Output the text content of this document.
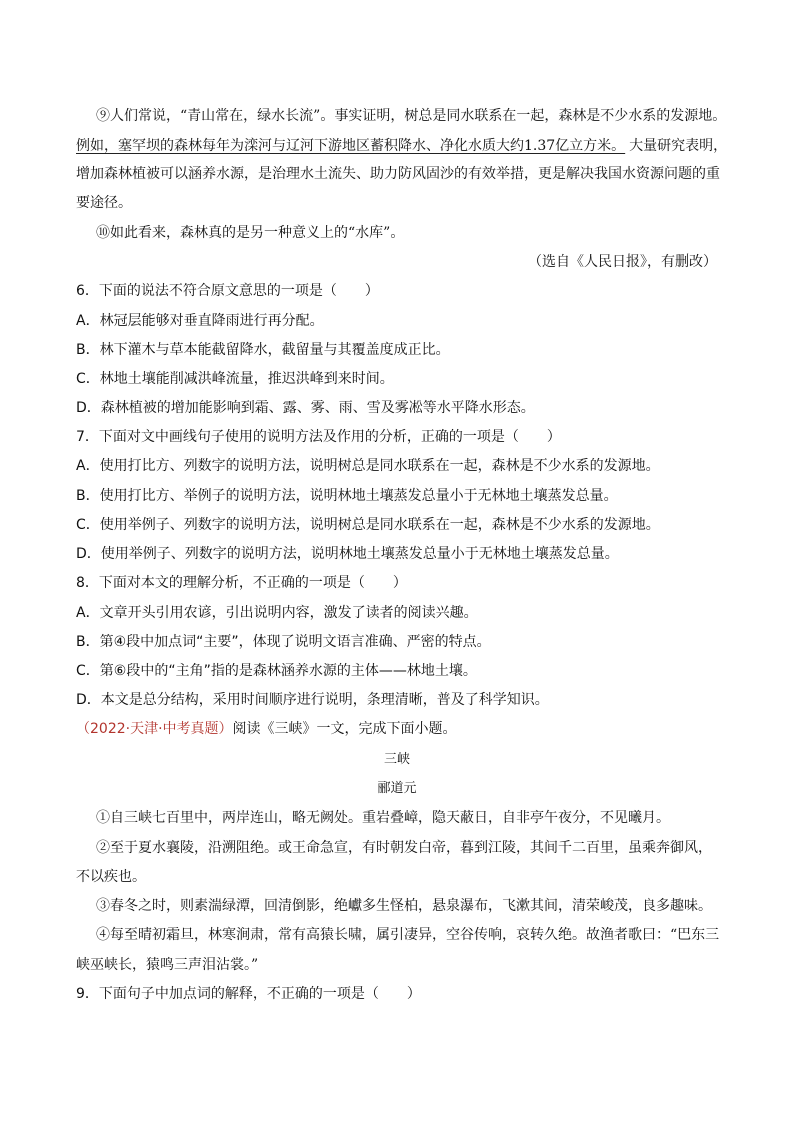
⑨人们常说，“青山常在，绿水长流”。事实证明，树总是同水联系在一起，森林是不少水系的发源地。
例如，塞罕坝的森林每年为滦河与辽河下游地区蓄积降水、净化水质大约1.37亿立方米。 大量研究表明，
增加森林植被可以涵养水源，是治理水土流失、助力防风固沙的有效举措，更是解决我国水资源问题的重
要途径。
⑩如此看来，森林真的是另一种意义上的“水库”。
（选自《人民日报》，有删改）
6．下面的说法不符合原文意思的一项是（　　）
A．林冠层能够对垂直降雨进行再分配。
B．林下灌木与草本能截留降水，截留量与其覆盖度成正比。
C．林地土壤能削减洪峰流量，推迟洪峰到来时间。
D．森林植被的增加能影响到霜、露、雾、雨、雪及雾凇等水平降水形态。
7．下面对文中画线句子使用的说明方法及作用的分析，正确的一项是（　　）
A．使用打比方、列数字的说明方法，说明树总是同水联系在一起，森林是不少水系的发源地。
B．使用打比方、举例子的说明方法，说明林地土壤蒸发总量小于无林地土壤蒸发总量。
C．使用举例子、列数字的说明方法，说明树总是同水联系在一起，森林是不少水系的发源地。
D．使用举例子、列数字的说明方法，说明林地土壤蒸发总量小于无林地土壤蒸发总量。
8．下面对本文的理解分析，不正确的一项是（　　）
A．文章开头引用农谚，引出说明内容，激发了读者的阅读兴趣。
B．第④段中加点词“主要”，体现了说明文语言准确、严密的特点。
C．第⑥段中的“主角”指的是森林涵养水源的主体——林地土壤。
D．本文是总分结构，采用时间顺序进行说明，条理清晰，普及了科学知识。
（2022·天津·中考真题）阅读《三峡》一文，完成下面小题。
三峡
郦道元
①自三峡七百里中，两岸连山，略无阙处。重岩叠嶂，隐天蔽日，自非亭午夜分，不见曦月。
②至于夏水襄陵，沿溯阻绝。或王命急宣，有时朝发白帝，暮到江陵，其间千二百里，虽乘奔御风，
不以疾也。
③春冬之时，则素湍绿潭，回清倒影，绝巘多生怪柏，悬泉瀑布，飞漱其间，清荣峻茂，良多趣味。
④每至晴初霜旦，林寒涧肃，常有高猿长啸，属引凄异，空谷传响，哀转久绝。故渔者歌曰：“巴东三
峡巫峡长，猿鸣三声泪沾裳。”
9．下面句子中加点词的解释，不正确的一项是（　　）
